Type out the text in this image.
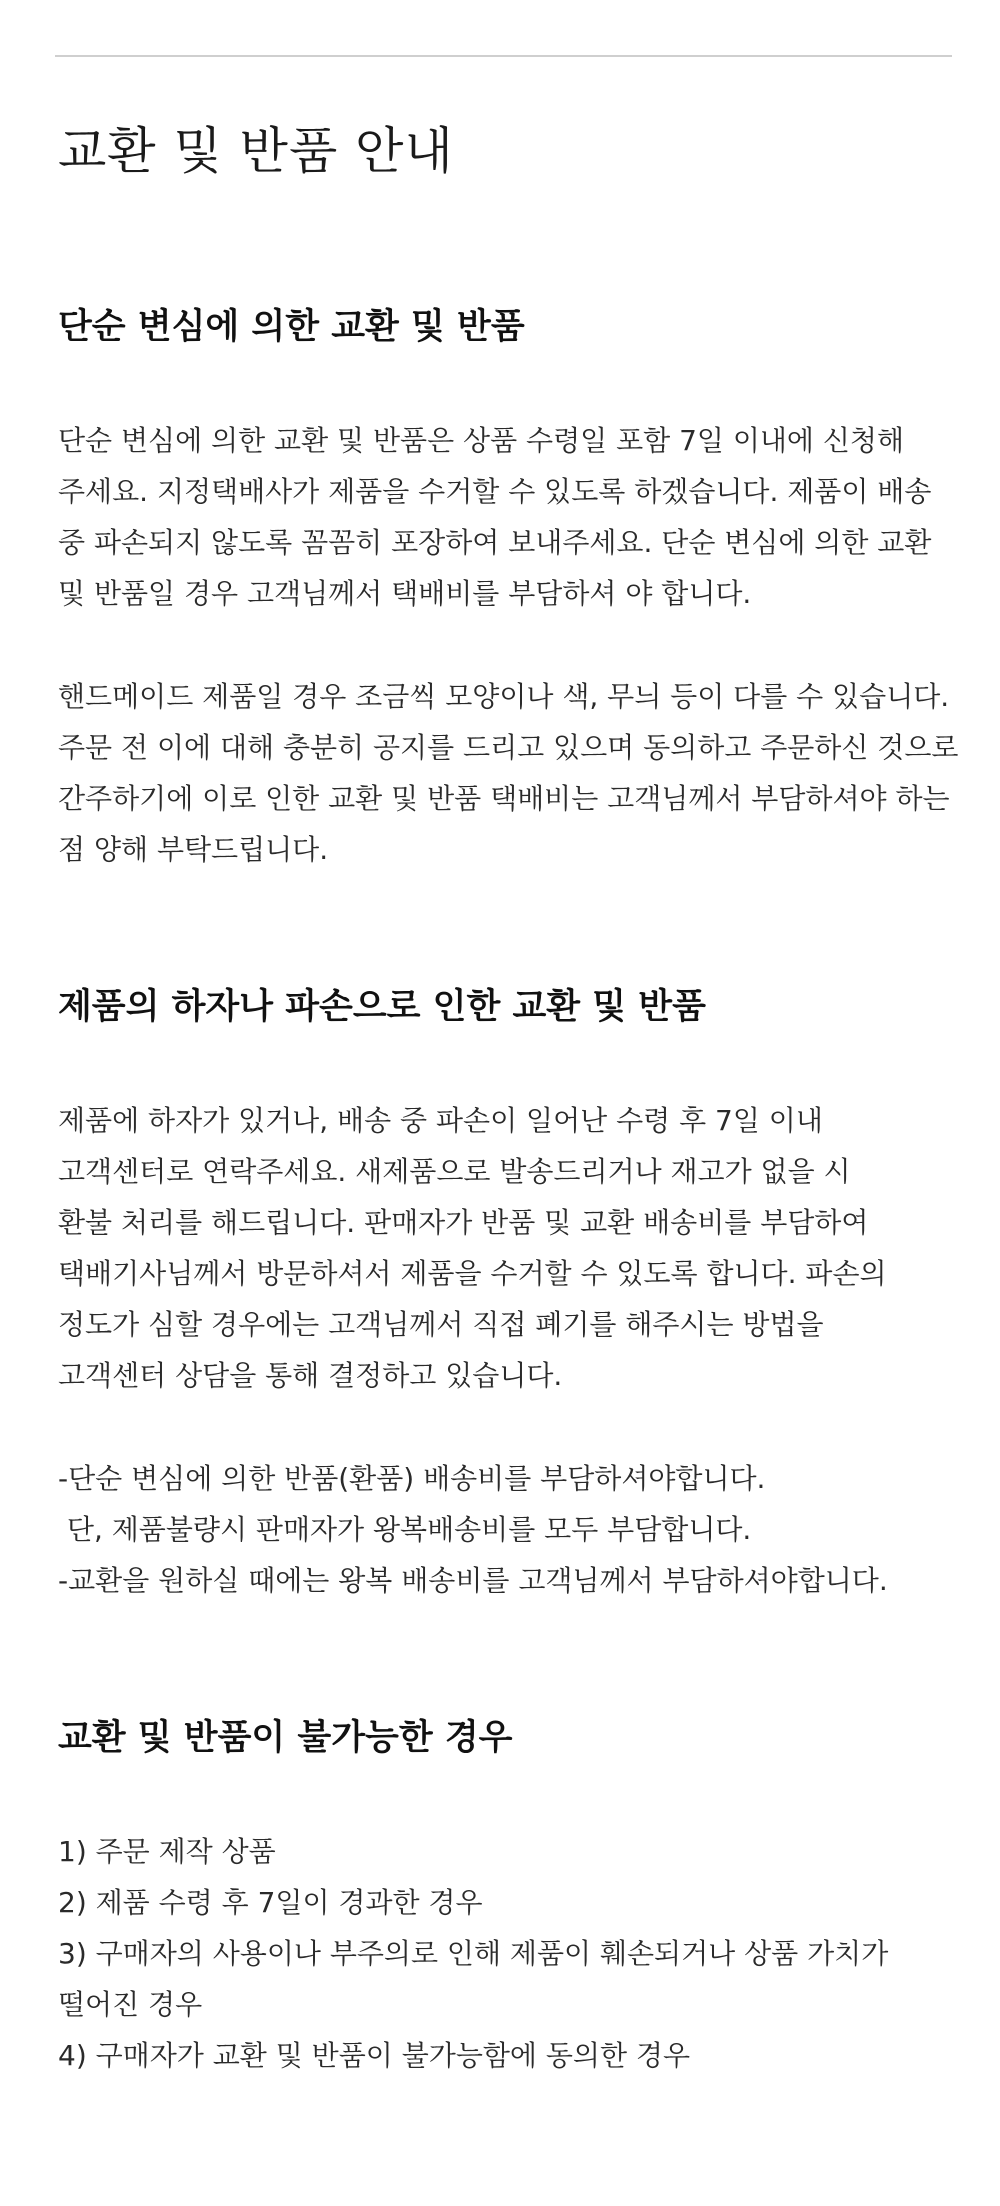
교환 및 반품 안내
단순 변심에 의한 교환 및 반품

단순 변심에 의한 교환 및 반품은 상품 수령일 포함 7일 이내에 신청해

주세요. 지정택배사가 제품을 수거할 수 있도록 하겠습니다. 제품이 배송

중 파손되지 않도록 꼼꼼히 포장하여 보내주세요. 단순 변심에 의한 교환

및 반품일 경우 고객님께서 택배비를 부담하셔 야 합니다.

핸드메이드 제품일 경우 조금씩 모양이나 색, 무늬 등이 다를 수 있습니다.

주문 전 이에 대해 충분히 공지를 드리고 있으며 동의하고 주문하신 것으로

간주하기에 이로 인한 교환 및 반품 택배비는 고객님께서 부담하셔야 하는

점 양해 부탁드립니다.

제품의 하자나 파손으로 인한 교환 및 반품

제품에 하자가 있거나, 배송 중 파손이 일어난 수령 후 7일 이내

고객센터로 연락주세요. 새제품으로 발송드리거나 재고가 없을 시

환불 처리를 해드립니다. 판매자가 반품 및 교환 배송비를 부담하여

택배기사님께서 방문하셔서 제품을 수거할 수 있도록 합니다. 파손의

정도가 심할 경우에는 고객님께서 직접 폐기를 해주시는 방법을

고객센터 상담을 통해 결정하고 있습니다.

-단순 변심에 의한 반품(환품) 배송비를 부담하셔야합니다.

단, 제품불량시 판매자가 왕복배송비를 모두 부담합니다.

-교환을 원하실 때에는 왕복 배송비를 고객님께서 부담하셔야합니다.

교환 및 반품이 불가능한 경우

1) 주문 제작 상품

2) 제품 수령 후 7일이 경과한 경우

3) 구매자의 사용이나 부주의로 인해 제품이 훼손되거나 상품 가치가

떨어진 경우

4) 구매자가 교환 및 반품이 불가능함에 동의한 경우
